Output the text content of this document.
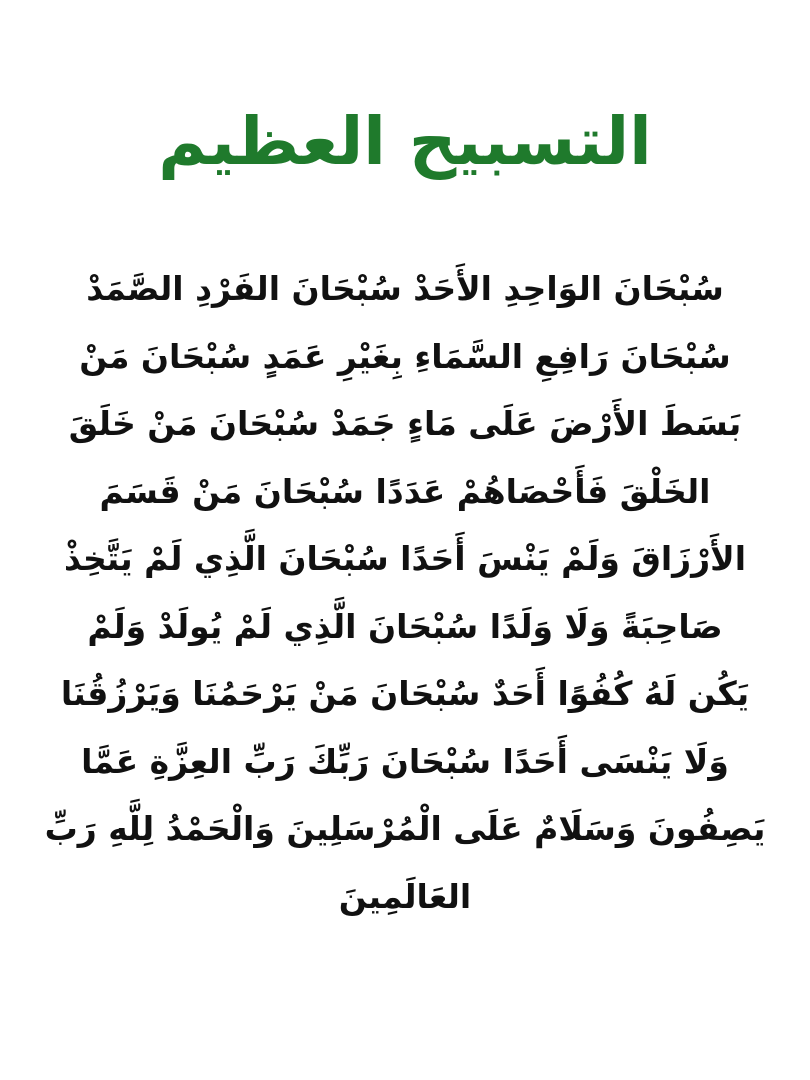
التسبيح العظيم
سُبْحَانَ الوَاحِدِ الأَحَدْ سُبْحَانَ الفَرْدِ الصَّمَدْ
سُبْحَانَ رَافِعِ السَّمَاءِ بِغَيْرِ عَمَدٍ سُبْحَانَ مَنْ
بَسَطَ الأَرْضَ عَلَى مَاءٍ جَمَدْ سُبْحَانَ مَنْ خَلَقَ
الخَلْقَ فَأَحْصَاهُمْ عَدَدًا سُبْحَانَ مَنْ قَسَمَ
الأَرْزَاقَ وَلَمْ يَنْسَ أَحَدًا سُبْحَانَ الَّذِي لَمْ يَتَّخِذْ
صَاحِبَةً وَلَا وَلَدًا سُبْحَانَ الَّذِي لَمْ يُولَدْ وَلَمْ
يَكُن لَهُ كُفُوًا أَحَدٌ سُبْحَانَ مَنْ يَرْحَمُنَا وَيَرْزُقُنَا
وَلَا يَنْسَى أَحَدًا سُبْحَانَ رَبِّكَ رَبِّ العِزَّةِ عَمَّا
يَصِفُونَ وَسَلَامٌ عَلَى الْمُرْسَلِينَ وَالْحَمْدُ لِلَّهِ رَبِّ
العَالَمِينَ
